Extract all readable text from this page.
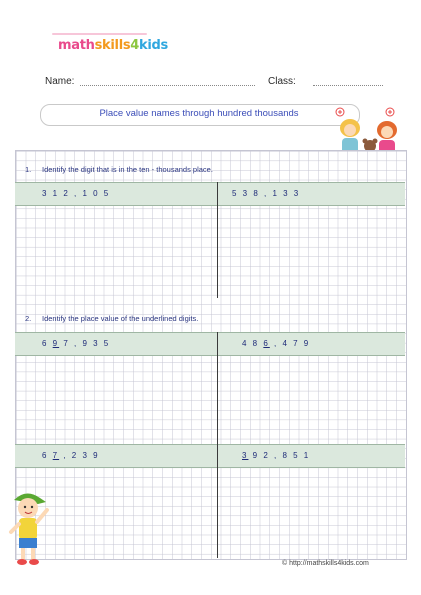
mathskills4kids
Name:	Class:
Place value names through hundred thousands
1. Identify the digit that is in the ten - thousands place.
3 1 2 , 1 0 5	5 3 8 , 1 3 3
2. Identify the place value of the underlined digits.
6 9 7 , 9 3 5	4 8 6 , 4 7 9
6 7 , 2 3 9	3 9 2 , 8 5 1
© http://mathskills4kids.com
